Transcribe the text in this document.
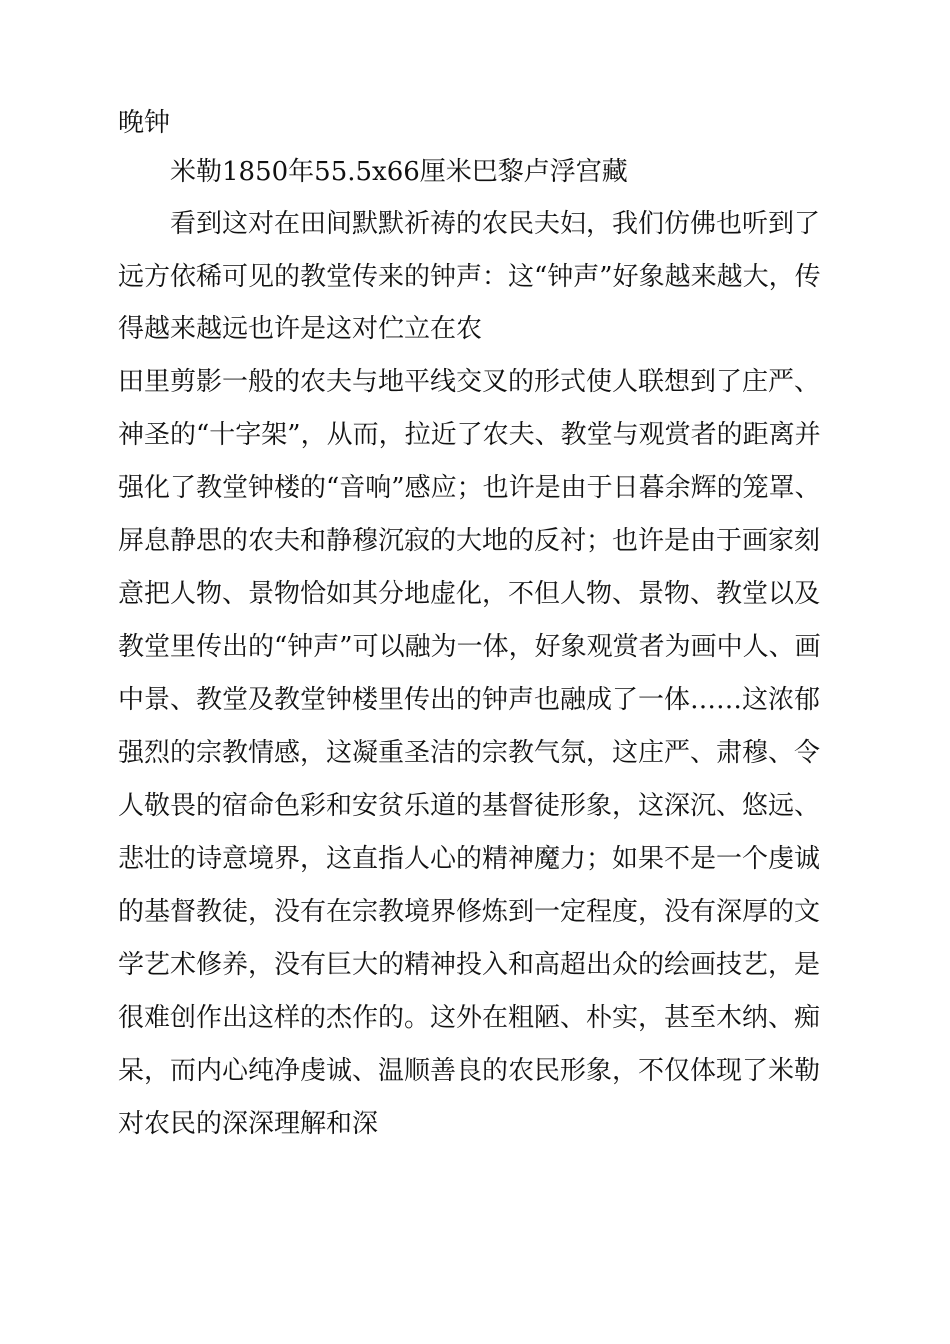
晚钟
米勒1850年55.5x66厘米巴黎卢浮宫藏
看到这对在田间默默祈祷的农民夫妇，我们仿佛也听到了
远方依稀可见的教堂传来的钟声：这“钟声”好象越来越大，传
得越来越远也许是这对伫立在农
田里剪影一般的农夫与地平线交叉的形式使人联想到了庄严、
神圣的“十字架”，从而，拉近了农夫、教堂与观赏者的距离并
强化了教堂钟楼的“音响”感应；也许是由于日暮余辉的笼罩、
屏息静思的农夫和静穆沉寂的大地的反衬；也许是由于画家刻
意把人物、景物恰如其分地虚化，不但人物、景物、教堂以及
教堂里传出的“钟声”可以融为一体，好象观赏者为画中人、画
中景、教堂及教堂钟楼里传出的钟声也融成了一体……这浓郁
强烈的宗教情感，这凝重圣洁的宗教气氛，这庄严、肃穆、令
人敬畏的宿命色彩和安贫乐道的基督徒形象，这深沉、悠远、
悲壮的诗意境界，这直指人心的精神魔力；如果不是一个虔诚
的基督教徒，没有在宗教境界修炼到一定程度，没有深厚的文
学艺术修养，没有巨大的精神投入和高超出众的绘画技艺，是
很难创作出这样的杰作的。这外在粗陋、朴实，甚至木纳、痴
呆，而内心纯净虔诚、温顺善良的农民形象，不仅体现了米勒
对农民的深深理解和深
